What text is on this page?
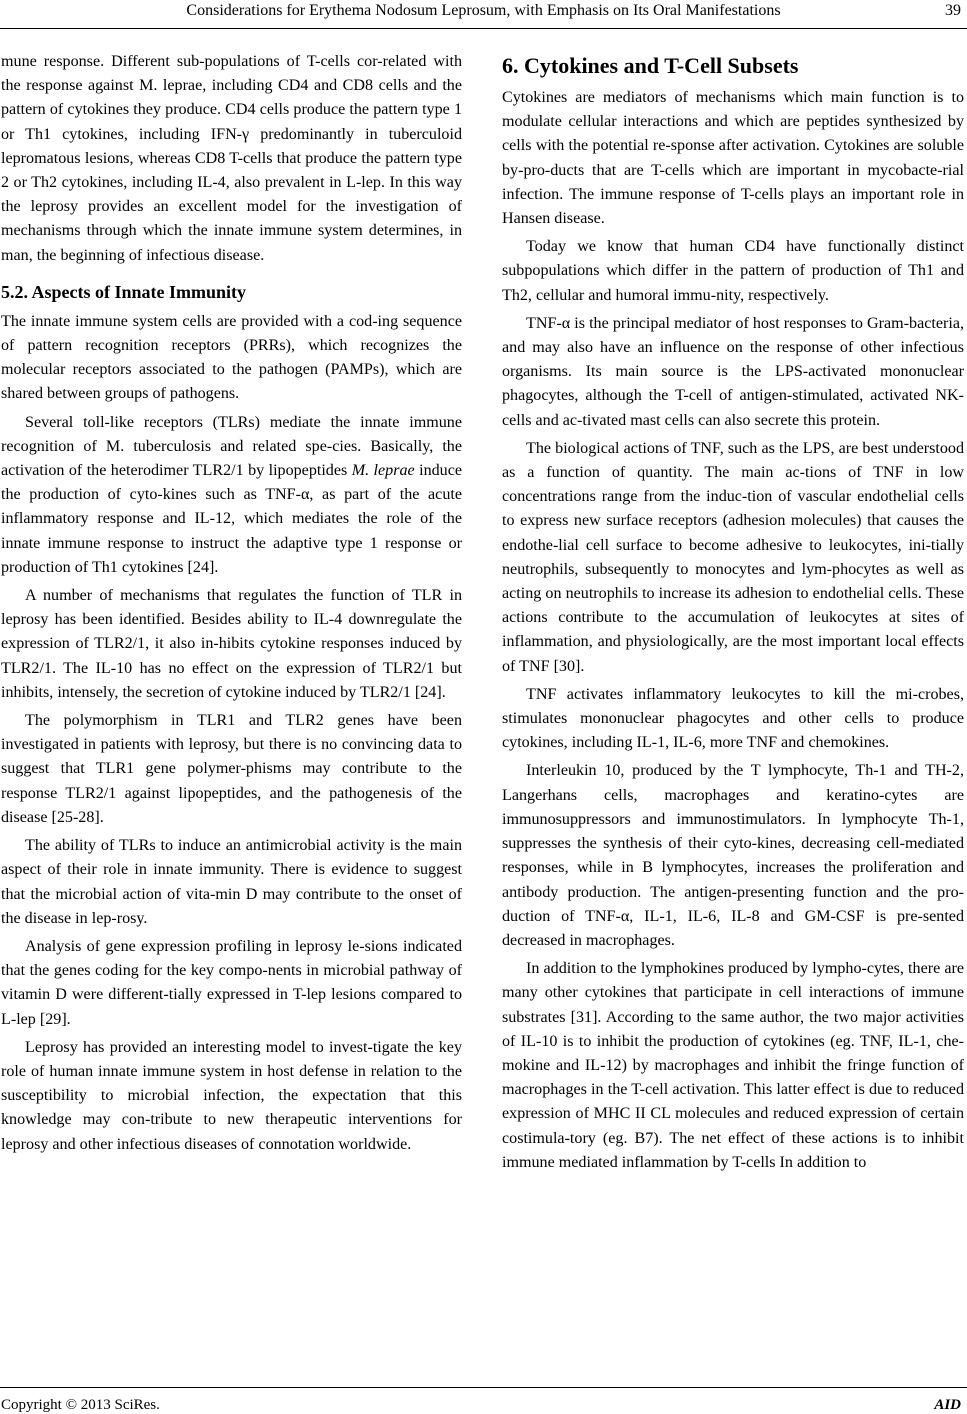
Considerations for Erythema Nodosum Leprosum, with Emphasis on Its Oral Manifestations	39

mune response. Different sub-populations of T-cells cor-related with the response against M. leprae, including CD4 and CD8 cells and the pattern of cytokines they produce. CD4 cells produce the pattern type 1 or Th1 cytokines, including IFN-γ predominantly in tuberculoid lepromatous lesions, whereas CD8 T-cells that produce the pattern type 2 or Th2 cytokines, including IL-4, also prevalent in L-lep. In this way the leprosy provides an excellent model for the investigation of mechanisms through which the innate immune system determines, in man, the beginning of infectious disease.

5.2. Aspects of Innate Immunity

The innate immune system cells are provided with a cod-ing sequence of pattern recognition receptors (PRRs), which recognizes the molecular receptors associated to the pathogen (PAMPs), which are shared between groups of pathogens.

Several toll-like receptors (TLRs) mediate the innate immune recognition of M. tuberculosis and related spe-cies. Basically, the activation of the heterodimer TLR2/1 by lipopeptides M. leprae induce the production of cyto-kines such as TNF-α, as part of the acute inflammatory response and IL-12, which mediates the role of the innate immune response to instruct the adaptive type 1 response or production of Th1 cytokines [24].

A number of mechanisms that regulates the function of TLR in leprosy has been identified. Besides ability to IL-4 downregulate the expression of TLR2/1, it also in-hibits cytokine responses induced by TLR2/1. The IL-10 has no effect on the expression of TLR2/1 but inhibits, intensely, the secretion of cytokine induced by TLR2/1 [24].

The polymorphism in TLR1 and TLR2 genes have been investigated in patients with leprosy, but there is no convincing data to suggest that TLR1 gene polymer-phisms may contribute to the response TLR2/1 against lipopeptides, and the pathogenesis of the disease [25-28].

The ability of TLRs to induce an antimicrobial activity is the main aspect of their role in innate immunity. There is evidence to suggest that the microbial action of vita-min D may contribute to the onset of the disease in lep-rosy.

Analysis of gene expression profiling in leprosy le-sions indicated that the genes coding for the key compo-nents in microbial pathway of vitamin D were different-tially expressed in T-lep lesions compared to L-lep [29].

Leprosy has provided an interesting model to invest-tigate the key role of human innate immune system in host defense in relation to the susceptibility to microbial infection, the expectation that this knowledge may con-tribute to new therapeutic interventions for leprosy and other infectious diseases of connotation worldwide.

6. Cytokines and T-Cell Subsets

Cytokines are mediators of mechanisms which main function is to modulate cellular interactions and which are peptides synthesized by cells with the potential re-sponse after activation. Cytokines are soluble by-pro-ducts that are T-cells which are important in mycobacte-rial infection. The immune response of T-cells plays an important role in Hansen disease.

Today we know that human CD4 have functionally distinct subpopulations which differ in the pattern of production of Th1 and Th2, cellular and humoral immu-nity, respectively.

TNF-α is the principal mediator of host responses to Gram-bacteria, and may also have an influence on the response of other infectious organisms. Its main source is the LPS-activated mononuclear phagocytes, although the T-cell of antigen-stimulated, activated NK-cells and ac-tivated mast cells can also secrete this protein.

The biological actions of TNF, such as the LPS, are best understood as a function of quantity. The main ac-tions of TNF in low concentrations range from the induc-tion of vascular endothelial cells to express new surface receptors (adhesion molecules) that causes the endothe-lial cell surface to become adhesive to leukocytes, ini-tially neutrophils, subsequently to monocytes and lym-phocytes as well as acting on neutrophils to increase its adhesion to endothelial cells. These actions contribute to the accumulation of leukocytes at sites of inflammation, and physiologically, are the most important local effects of TNF [30].

TNF activates inflammatory leukocytes to kill the mi-crobes, stimulates mononuclear phagocytes and other cells to produce cytokines, including IL-1, IL-6, more TNF and chemokines.

Interleukin 10, produced by the T lymphocyte, Th-1 and TH-2, Langerhans cells, macrophages and keratino-cytes are immunosuppressors and immunostimulators. In lymphocyte Th-1, suppresses the synthesis of their cyto-kines, decreasing cell-mediated responses, while in B lymphocytes, increases the proliferation and antibody production. The antigen-presenting function and the pro-duction of TNF-α, IL-1, IL-6, IL-8 and GM-CSF is pre-sented decreased in macrophages.

In addition to the lymphokines produced by lympho-cytes, there are many other cytokines that participate in cell interactions of immune substrates [31]. According to the same author, the two major activities of IL-10 is to inhibit the production of cytokines (eg. TNF, IL-1, che-mokine and IL-12) by macrophages and inhibit the fringe function of macrophages in the T-cell activation. This latter effect is due to reduced expression of MHC II CL molecules and reduced expression of certain costimula-tory (eg. B7). The net effect of these actions is to inhibit immune mediated inflammation by T-cells In addition to

Copyright © 2013 SciRes.	AID
